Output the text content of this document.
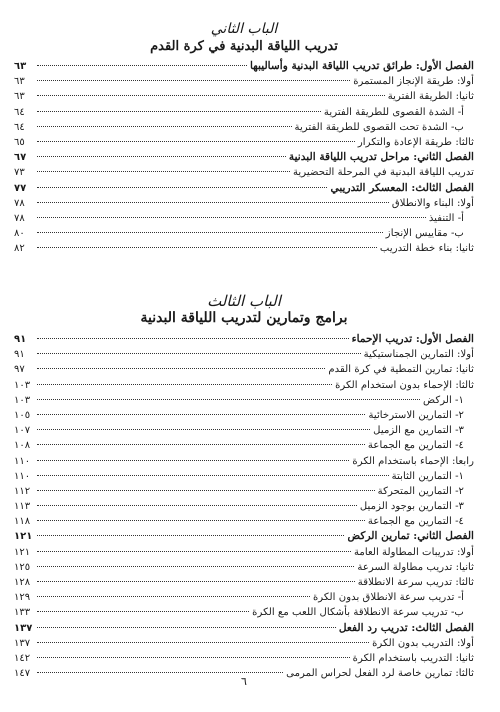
الباب الثاني
تدريب اللياقة البدنية في كرة القدم
الفصل الأول: طرائق تدريب اللياقة البدنية وأساليبها
٦٣
أولا: طريقة الإنجاز المستمرة
٦٣
ثانيا: الطريقة الفترية
٦٣
أ- الشدة القصوى للطريقة الفترية
٦٤
ب- الشدة تحت القصوى للطريقة الفترية
٦٤
ثالثا: طريقة الإعادة والتكرار
٦٥
الفصل الثاني: مراحل تدريب اللياقة البدنية
٦٧
تدريب اللياقة البدنية في المرحلة التحضيرية
٧٣
الفصل الثالث: المعسكر التدريبي
٧٧
أولا: البناء والانطلاق
٧٨
أ- التنفيذ
٧٨
ب- مقاييس الإنجاز
٨٠
ثانيا: بناء خطة التدريب
٨٢
الباب الثالث
برامج وتمارين لتدريب اللياقة البدنية
الفصل الأول: تدريب الإحماء
٩١
أولا: التمارين الجمناستيكية
٩١
ثانيا: تمارين التمطية في كرة القدم
٩٧
ثالثا: الإحماء بدون استخدام الكرة
١٠٣
١- الركض
١٠٣
٢- التمارين الاسترخائية
١٠٥
٣- التمارين مع الزميل
١٠٧
٤- التمارين مع الجماعة
١٠٨
رابعا: الإحماء باستخدام الكرة
١١٠
١- التمارين الثابتة
١١٠
٢- التمارين المتحركة
١١٢
٣- التمارين بوجود الزميل
١١٣
٤- التمارين مع الجماعة
١١٨
الفصل الثاني: تمارين الركض
١٢١
أولا: تدريبات المطاولة العامة
١٢١
ثانيا: تدريب مطاولة السرعة
١٢٥
ثالثا: تدريب سرعة الانطلاقة
١٢٨
أ- تدريب سرعة الانطلاق بدون الكرة
١٢٩
ب- تدريب سرعة الانطلاقة بأشكال اللعب مع الكرة
١٣٣
الفصل الثالث: تدريب رد الفعل
١٣٧
أولا: التدريب بدون الكرة
١٣٧
ثانيا: التدريب باستخدام الكرة
١٤٢
ثالثا: تمارين خاصة لرد الفعل لحراس المرمى
١٤٧
٦
